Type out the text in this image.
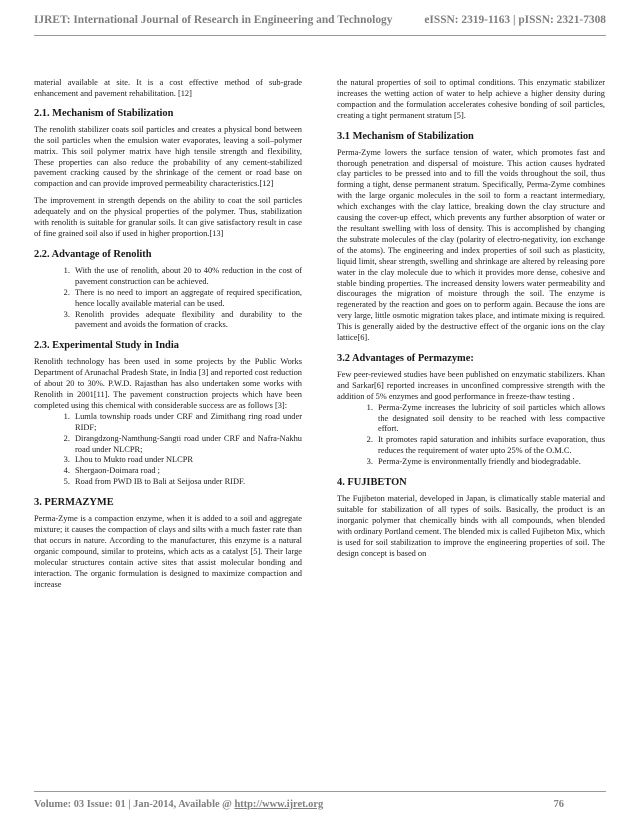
IJRET: International Journal of Research in Engineering and Technology	eISSN: 2319-1163 | pISSN: 2321-7308

material available at site. It is a cost effective method of sub-grade enhancement and pavement rehabilitation. [12]

2.1. Mechanism of Stabilization

The renolith stabilizer coats soil particles and creates a physical bond between the soil particles when the emulsion water evaporates, leaving a soil–polymer matrix. This soil polymer matrix have high tensile strength and flexibility, These properties can also reduce the probability of any cement-stabilized pavement cracking caused by the shrinkage of the cement or road base on compaction and can provide improved permeability characteristics.[12]

The improvement in strength depends on the ability to coat the soil particles adequately and on the physical properties of the polymer. Thus, stabilization with renolith is suitable for granular soils. It can give satisfactory result in case of fine grained soil also if used in higher proportion.[13]

2.2. Advantage of Renolith
1. With the use of renolith, about 20 to 40% reduction in the cost of pavement construction can be achieved.
2. There is no need to import an aggregate of required specification, hence locally available material can be used.
3. Renolith provides adequate flexibility and durability to the pavement and avoids the formation of cracks.
2.3. Experimental Study in India

Renolith technology has been used in some projects by the Public Works Department of Arunachal Pradesh State, in India [3] and reported cost reduction of about 20 to 30%. P.W.D. Rajasthan has also undertaken some works with Renolith in 2001[11]. The pavement construction projects which have been completed using this chemical with considerable success are as follows [3]:

1. Lumla township roads under CRF and Zimithang ring road under RIDF;
2. Dirangdzong-Namthung-Sangti road under CRF and Nafra-Nakhu road under NLCPR;
3. Lhou to Mukto road under NLCPR
4. Shergaon-Doimara road ;
5. Road from PWD IB to Bali at Seijosa under RIDF.
3. PERMAZYME

Perma-Zyme is a compaction enzyme, when it is added to a soil and aggregate mixture; it causes the compaction of clays and silts with a much faster rate than that occurs in nature. According to the manufacturer, this enzyme is a natural organic compound, similar to proteins, which acts as a catalyst [5]. Their large molecular structures contain active sites that assist molecular bonding and interaction. The organic formulation is designed to maximize compaction and increase

the natural properties of soil to optimal conditions. This enzymatic stabilizer increases the wetting action of water to help achieve a higher density during compaction and the formulation accelerates cohesive bonding of soil particles, creating a tight permanent stratum [5].

3.1 Mechanism of Stabilization

Perma-Zyme lowers the surface tension of water, which promotes fast and thorough penetration and dispersal of moisture. This action causes hydrated clay particles to be pressed into and to fill the voids throughout the soil, thus forming a tight, dense permanent stratum. Specifically, Perma-Zyme combines with the large organic molecules in the soil to form a reactant intermediary, which exchanges with the clay lattice, breaking down the clay structure and causing the cover-up effect, which prevents any further absorption of water or the resultant swelling with loss of density. This is accomplished by changing the substrate molecules of the clay (polarity of electro-negativity, ion exchange of the atoms). The engineering and index properties of soil such as plasticity, liquid limit, shear strength, swelling and shrinkage are altered by releasing pore water in the clay molecule due to which it provides more dense, cohesive and stable binding properties. The increased density lowers water permeability and discourages the migration of moisture through the soil. The enzyme is regenerated by the reaction and goes on to perform again. Because the ions are very large, little osmotic migration takes place, and intimate mixing is required. This is generally aided by the destructive effect of the organic ions on the clay lattice[6].

3.2 Advantages of Permazyme:

Few peer-reviewed studies have been published on enzymatic stabilizers. Khan and Sarkar[6] reported increases in unconfined compressive strength with the addition of 5% enzymes and good performance in freeze-thaw testing .

1. Perma-Zyme increases the lubricity of soil particles which allows the designated soil density to be reached with less compactive effort.
2. It promotes rapid saturation and inhibits surface evaporation, thus reduces the requirement of water upto 25% of the O.M.C.
3. Perma-Zyme is environmentally friendly and biodegradable.
4. FUJIBETON

The Fujibeton material, developed in Japan, is climatically stable material and suitable for stabilization of all types of soils. Basically, the product is an inorganic polymer that chemically binds with all compounds, when blended with ordinary Portland cement. The blended mix is called Fujibeton Mix, which is used for soil stabilization to improve the engineering properties of soil. The design concept is based on

Volume: 03 Issue: 01 | Jan-2014, Available @ http://www.ijret.org	76
